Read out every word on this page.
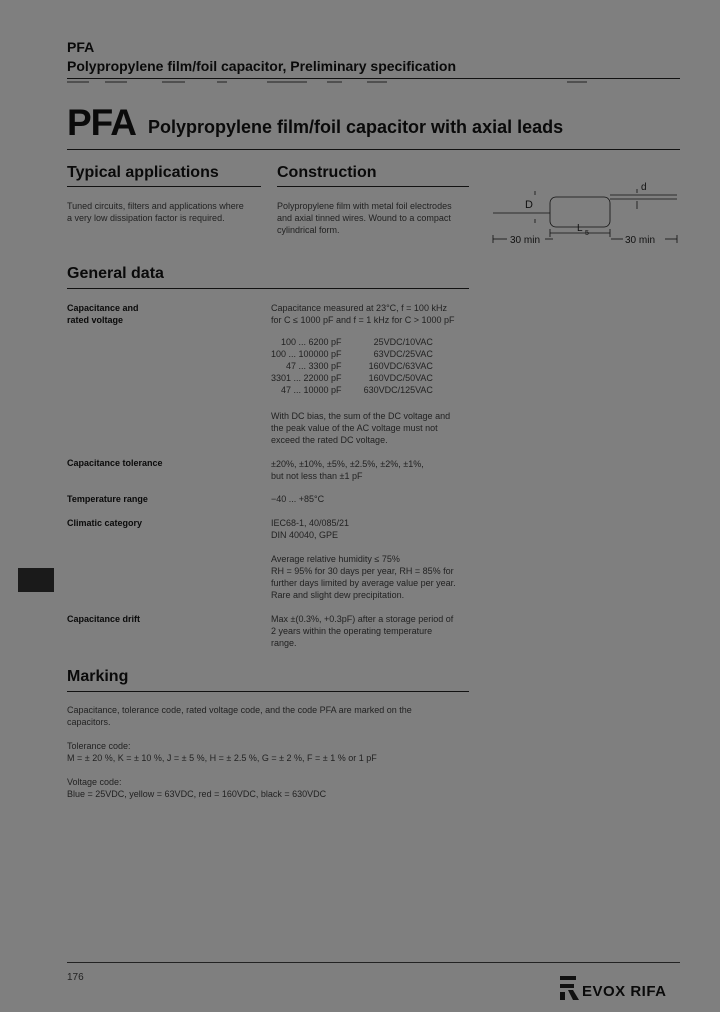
PFA
Polypropylene film/foil capacitor, Preliminary specification
PFA Polypropylene film/foil capacitor with axial leads
Typical applications
Tuned circuits, filters and applications where
a very low dissipation factor is required.
Construction
Polypropylene film with metal foil electrodes
and axial tinned wires. Wound to a compact
cylindrical form.
d
D
L 5
30 min	30 min
General data
Capacitance and
rated voltage
Capacitance measured at 23°C, f = 100 kHz
for C ≤ 1000 pF and f = 1 kHz for C > 1000 pF
100 ... 6200 pF	25VDC/10VAC
100 ... 100000 pF	63VDC/25VAC
47 ... 3300 pF	160VDC/63VAC
3301 ... 22000 pF	160VDC/50VAC
47 ... 10000 pF	630VDC/125VAC
With DC bias, the sum of the DC voltage and
the peak value of the AC voltage must not
exceed the rated DC voltage.
Capacitance tolerance	±20%, ±10%, ±5%, ±2.5%, ±2%, ±1%,
but not less than ±1 pF
Temperature range	−40 ... +85°C
Climatic category	IEC68-1, 40/085/21
DIN 40040, GPE
Average relative humidity ≤ 75%
RH = 95% for 30 days per year, RH = 85% for
further days limited by average value per year.
Rare and slight dew precipitation.
Capacitance drift	Max ±(0.3%, +0.3pF) after a storage period of
2 years within the operating temperature
range.
Marking
Capacitance, tolerance code, rated voltage code, and the code PFA are marked on the
capacitors.
Tolerance code:
M = ± 20 %, K = ± 10 %, J = ± 5 %, H = ± 2.5 %, G = ± 2 %, F = ± 1 % or 1 pF
Voltage code:
Blue = 25VDC, yellow = 63VDC, red = 160VDC, black = 630VDC
176
EVOX RIFA
